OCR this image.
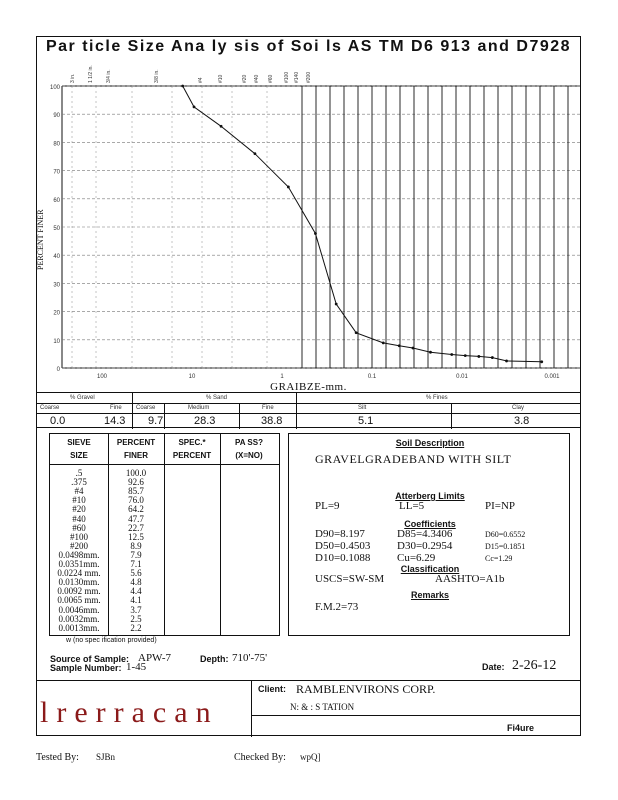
Par ticle Size Ana ly sis of Soi ls AS TM D6 913 and D7928
100
90
80
70
60
50
40
30
20
10
0
3 in. 1 1/2 in. 3/4 in.	3/8 in.	#4	#10	#20 #40 #60 #100 #140 #200
100	10	1	0.1	0.01	0.001
PERCENT FINER
GRAIBZE-mm.
% Gravel	% Sand	% Fines
Coarse	Fine Coarse	Medium	Fine	Silt	Clay
0.0	14.3 9.7	28.3	38.8	5.1	3.8
SIEVE
SIZE
PERCENT
FINER
SPEC.*
PERCENT
PA SS?
(X=NO)
.5	100.0
.375	92.6
#4	85.7
#10	76.0
#20	64.2
#40	47.7
#60	22.7
#100	12.5
#200	8.9
0.0498mm.	7.9
0.0351mm.	7.1
0.0224 mm.	5.6
0.0130mm.	4.8
0.0092 mm.	4.4
0.0065 mm.	4.1
0.0046mm.	3.7
0.0032mm.	2.5
0.0013mm.	2.2
w (no spec ification provided)
Soil Description
GRAVELGRADEBAND WITH SILT
Atterberg Limits
PL=9	LL=5	PI=NP
Coefficients
D90=8.197	D85=4.3406	D60=0.6552
D50=0.4503 D30=0.2954	D15=0.1851
D10=0.1088 Cu=6.29	Cc=1.29
Classification
USCS=SW-SM	AASHTO=A1b
Remarks
F.M.2=73
Source of Sample: APW-7	Depth: 710'-75'
Sample Number: 1-45	Date: 2-26-12
lrerracan
Client: RAMBLENVIRONS CORP.
N: & : S TATION
Fi4ure
Tested By: SJBn	Checked By: wpQ]
